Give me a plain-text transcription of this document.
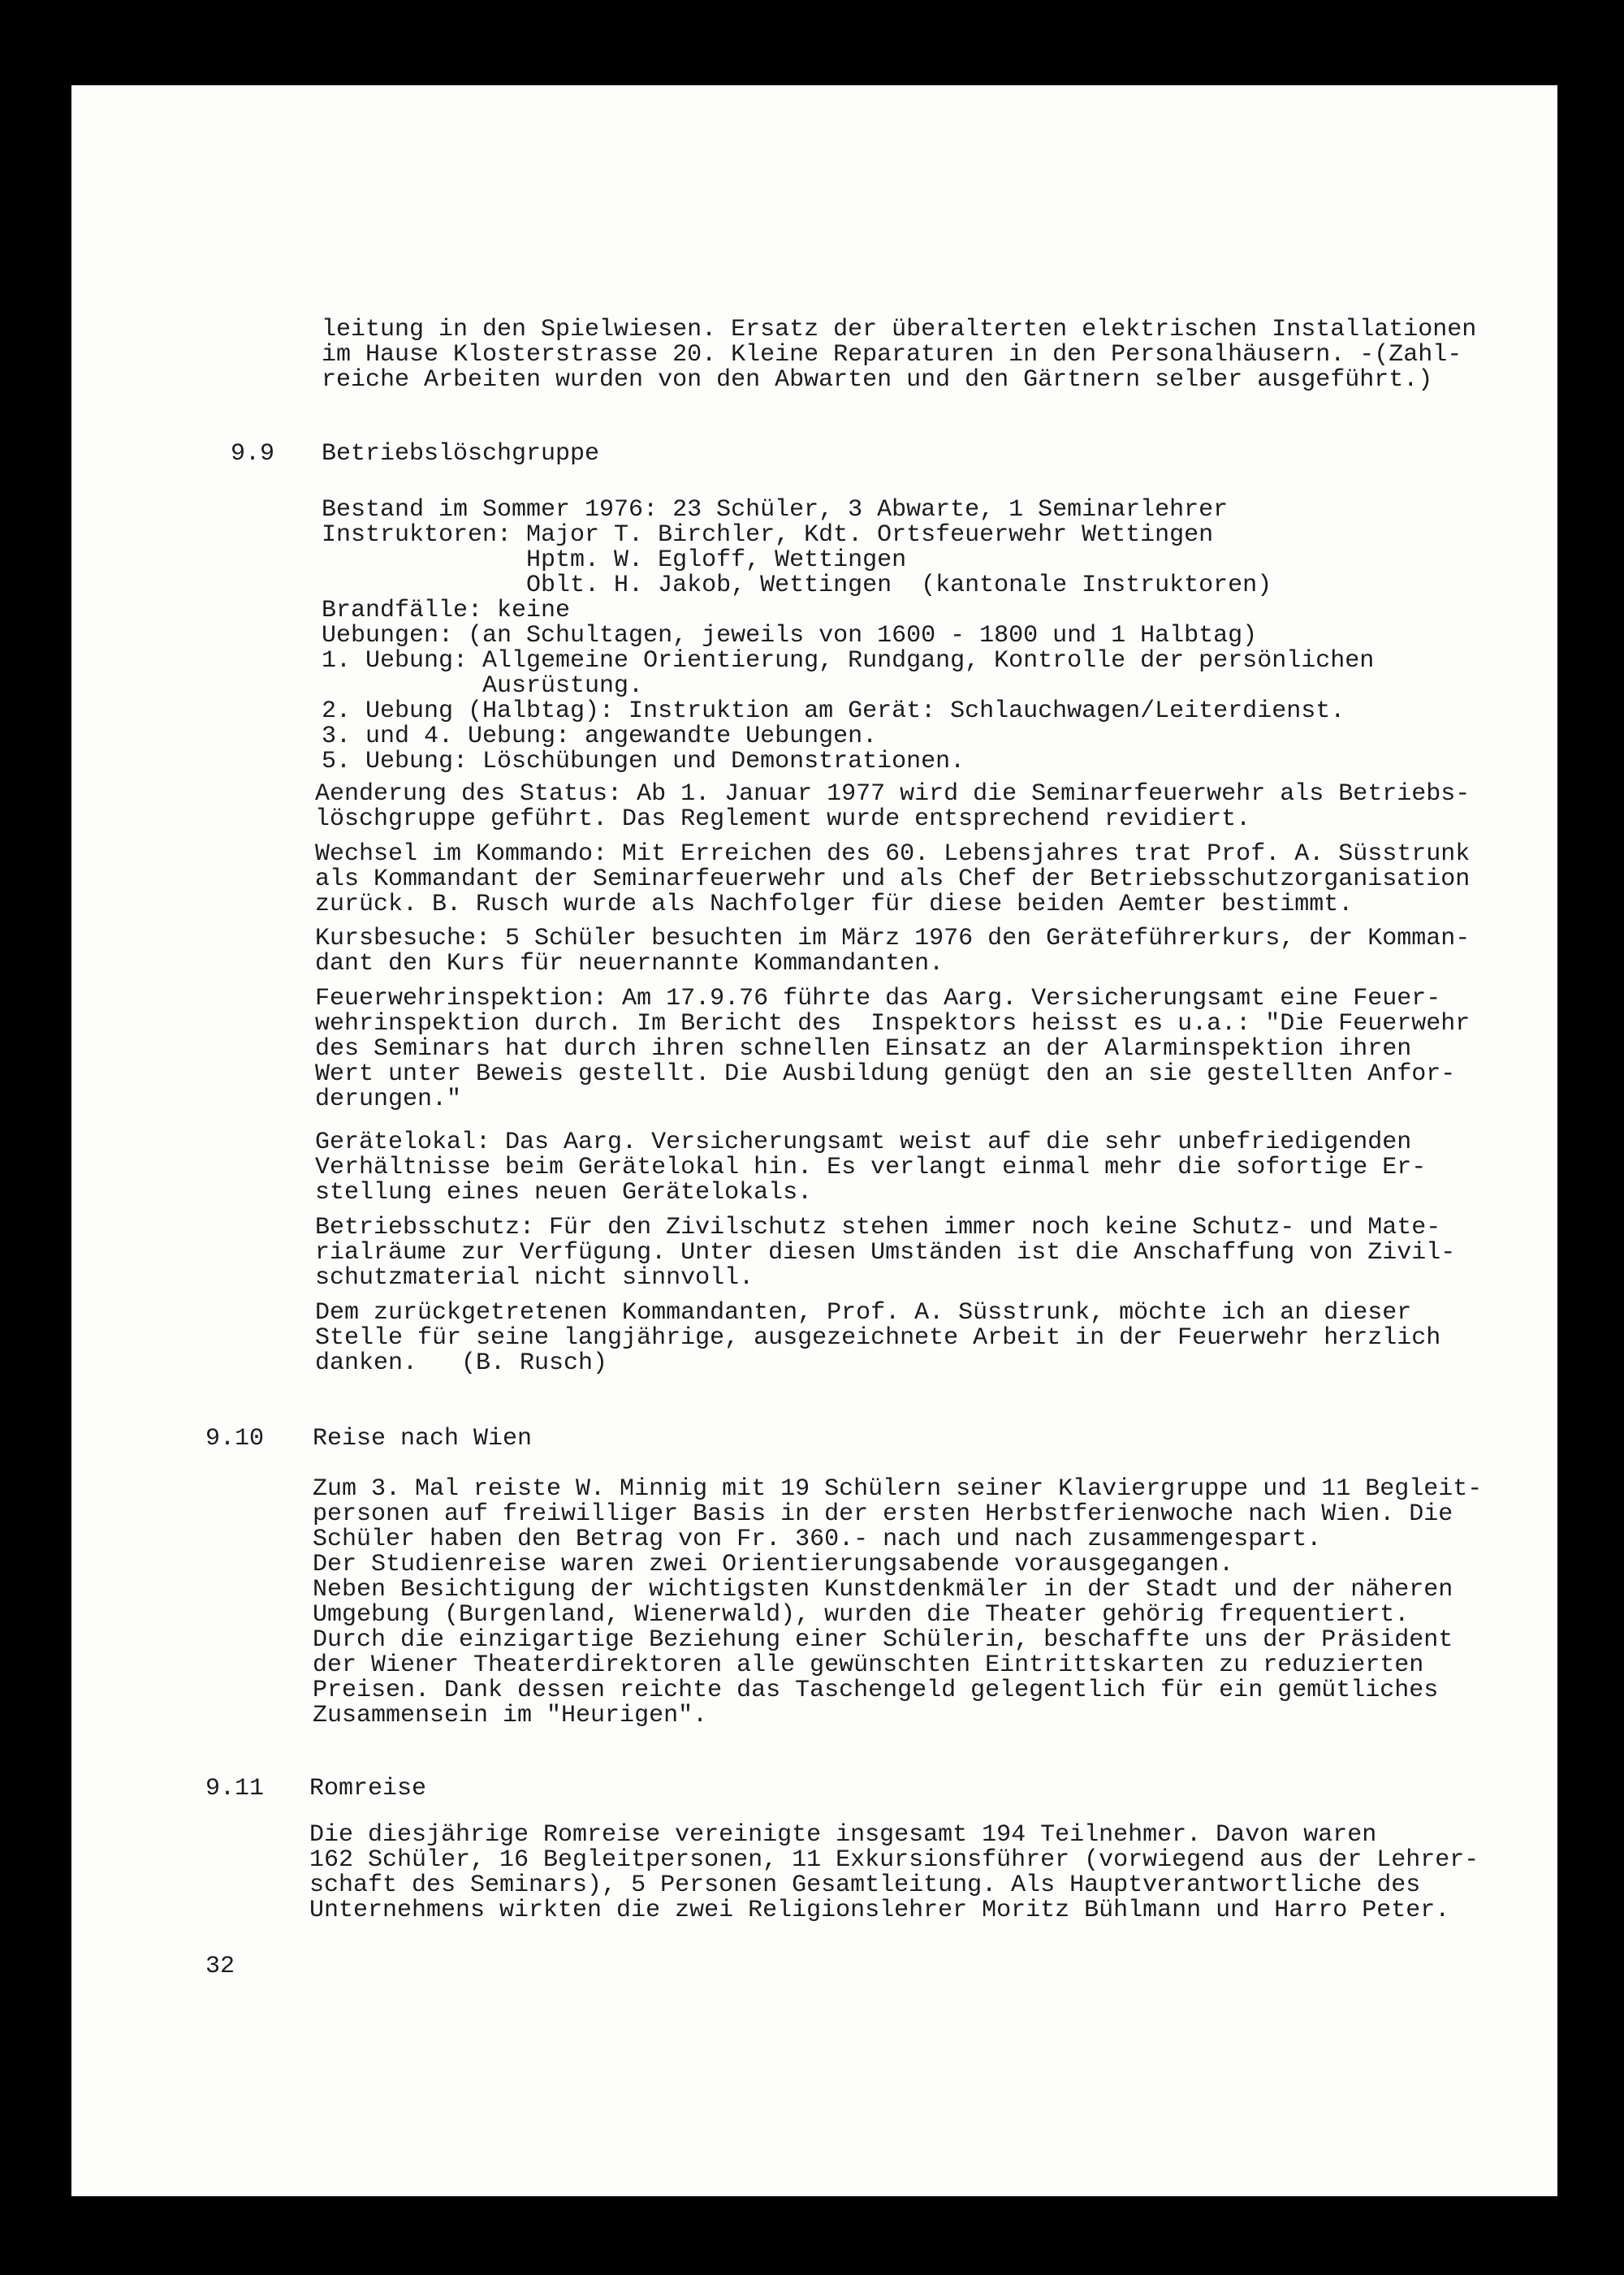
leitung in den Spielwiesen. Ersatz der überalterten elektrischen Installationen
im Hause Klosterstrasse 20. Kleine Reparaturen in den Personalhäusern. -(Zahl-
reiche Arbeiten wurden von den Abwarten und den Gärtnern selber ausgeführt.)
9.9 Betriebslöschgruppe
Bestand im Sommer 1976: 23 Schüler, 3 Abwarte, 1 Seminarlehrer
Instruktoren: Major T. Birchler, Kdt. Ortsfeuerwehr Wettingen
Hptm. W. Egloff, Wettingen
Oblt. H. Jakob, Wettingen  (kantonale Instruktoren)
Brandfälle: keine
Uebungen: (an Schultagen, jeweils von 1600 - 1800 und 1 Halbtag)
1. Uebung: Allgemeine Orientierung, Rundgang, Kontrolle der persönlichen
Ausrüstung.
2. Uebung (Halbtag): Instruktion am Gerät: Schlauchwagen/Leiterdienst.
3. und 4. Uebung: angewandte Uebungen.
5. Uebung: Löschübungen und Demonstrationen.
Aenderung des Status: Ab 1. Januar 1977 wird die Seminarfeuerwehr als Betriebs-
löschgruppe geführt. Das Reglement wurde entsprechend revidiert.
Wechsel im Kommando: Mit Erreichen des 60. Lebensjahres trat Prof. A. Süsstrunk
als Kommandant der Seminarfeuerwehr und als Chef der Betriebsschutzorganisation
zurück. B. Rusch wurde als Nachfolger für diese beiden Aemter bestimmt.
Kursbesuche: 5 Schüler besuchten im März 1976 den Geräteführerkurs, der Komman-
dant den Kurs für neuernannte Kommandanten.
Feuerwehrinspektion: Am 17.9.76 führte das Aarg. Versicherungsamt eine Feuer-
wehrinspektion durch. Im Bericht des  Inspektors heisst es u.a.: "Die Feuerwehr
des Seminars hat durch ihren schnellen Einsatz an der Alarminspektion ihren
Wert unter Beweis gestellt. Die Ausbildung genügt den an sie gestellten Anfor-
derungen."
Gerätelokal: Das Aarg. Versicherungsamt weist auf die sehr unbefriedigenden
Verhältnisse beim Gerätelokal hin. Es verlangt einmal mehr die sofortige Er-
stellung eines neuen Gerätelokals.
Betriebsschutz: Für den Zivilschutz stehen immer noch keine Schutz- und Mate-
rialräume zur Verfügung. Unter diesen Umständen ist die Anschaffung von Zivil-
schutzmaterial nicht sinnvoll.
Dem zurückgetretenen Kommandanten, Prof. A. Süsstrunk, möchte ich an dieser
Stelle für seine langjährige, ausgezeichnete Arbeit in der Feuerwehr herzlich
danken.   (B. Rusch)
9.10 Reise nach Wien
Zum 3. Mal reiste W. Minnig mit 19 Schülern seiner Klaviergruppe und 11 Begleit-
personen auf freiwilliger Basis in der ersten Herbstferienwoche nach Wien. Die
Schüler haben den Betrag von Fr. 360.- nach und nach zusammengespart.
Der Studienreise waren zwei Orientierungsabende vorausgegangen.
Neben Besichtigung der wichtigsten Kunstdenkmäler in der Stadt und der näheren
Umgebung (Burgenland, Wienerwald), wurden die Theater gehörig frequentiert.
Durch die einzigartige Beziehung einer Schülerin, beschaffte uns der Präsident
der Wiener Theaterdirektoren alle gewünschten Eintrittskarten zu reduzierten
Preisen. Dank dessen reichte das Taschengeld gelegentlich für ein gemütliches
Zusammensein im "Heurigen".
9.11 Romreise
Die diesjährige Romreise vereinigte insgesamt 194 Teilnehmer. Davon waren
162 Schüler, 16 Begleitpersonen, 11 Exkursionsführer (vorwiegend aus der Lehrer-
schaft des Seminars), 5 Personen Gesamtleitung. Als Hauptverantwortliche des
Unternehmens wirkten die zwei Religionslehrer Moritz Bühlmann und Harro Peter.
32
